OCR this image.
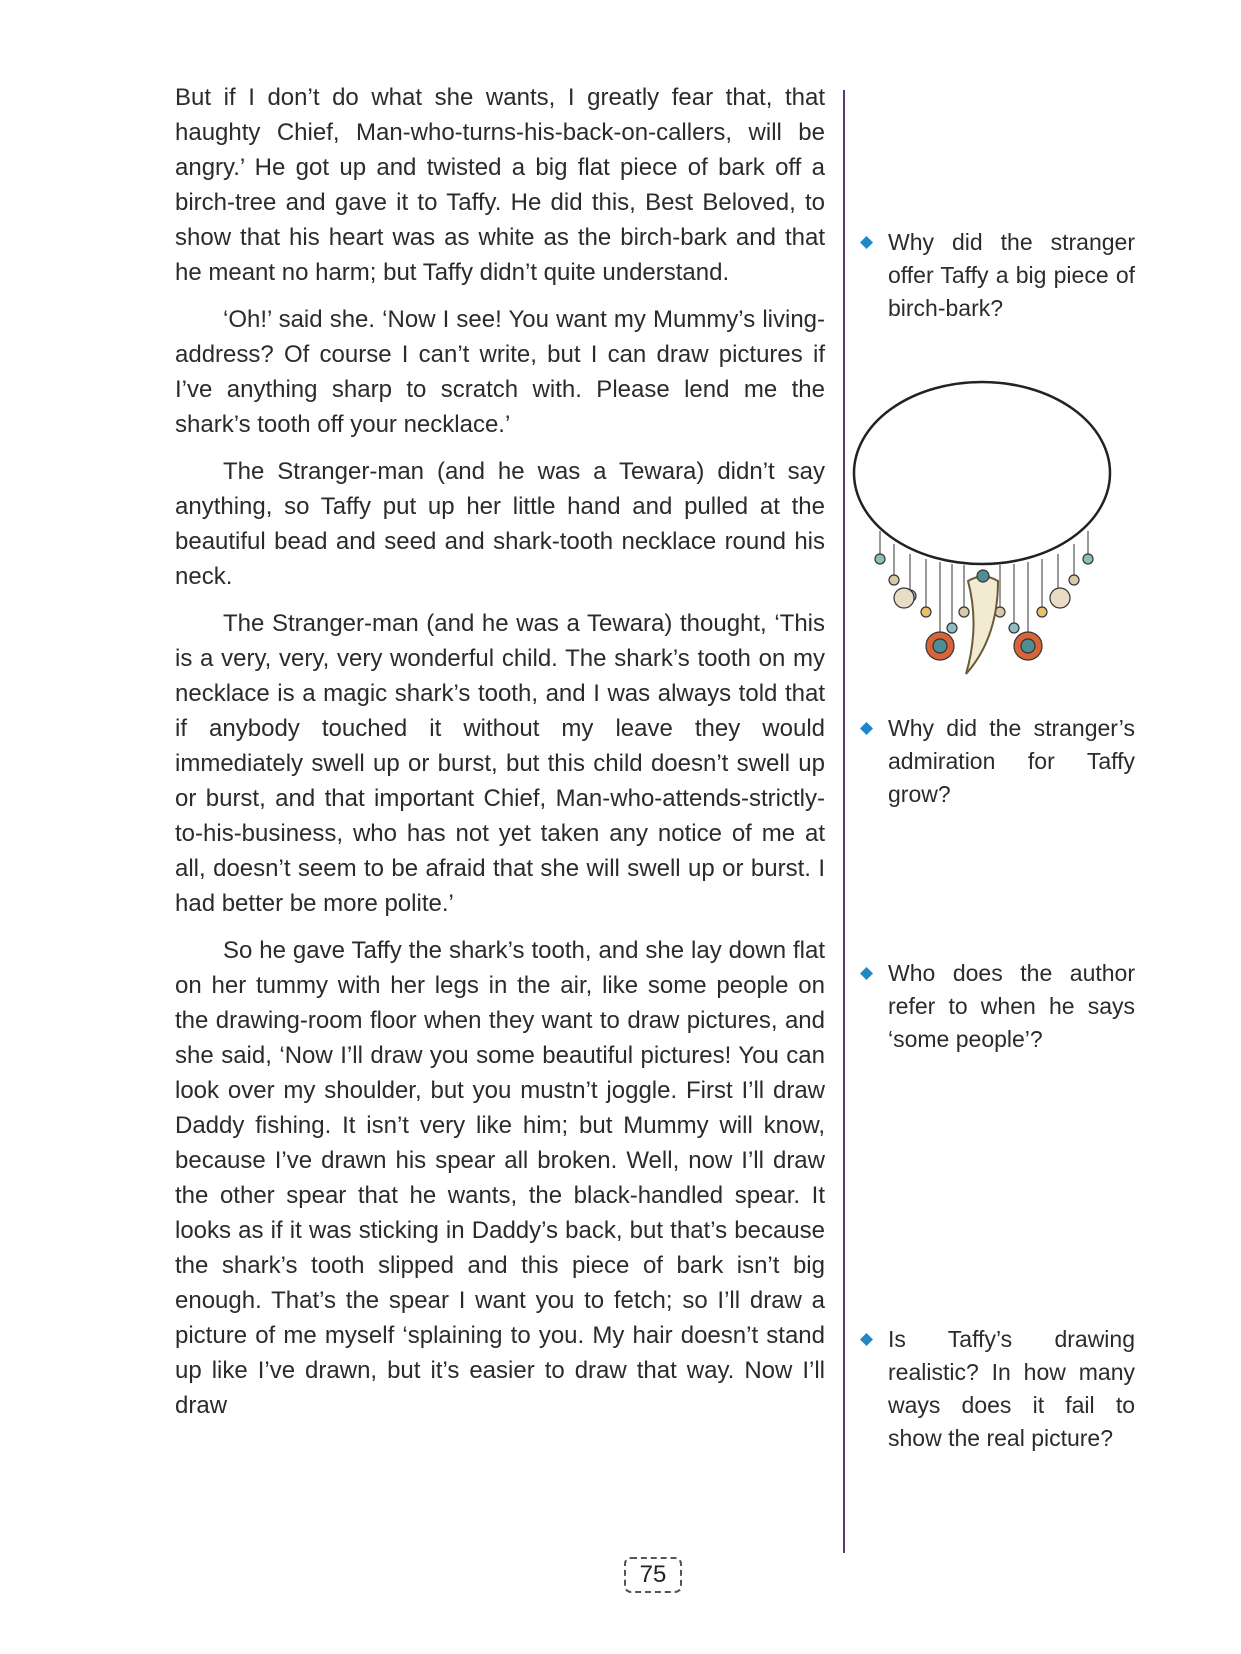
But if I don’t do what she wants, I greatly fear that, that haughty Chief, Man-who-turns-his-back-on-callers, will be angry.’ He got up and twisted a big flat piece of bark off a birch-tree and gave it to Taffy. He did this, Best Beloved, to show that his heart was as white as the birch-bark and that he meant no harm; but Taffy didn’t quite understand.

‘Oh!’ said she. ‘Now I see! You want my Mummy’s living-address? Of course I can’t write, but I can draw pictures if I’ve anything sharp to scratch with. Please lend me the shark’s tooth off your necklace.’

The Stranger-man (and he was a Tewara) didn’t say anything, so Taffy put up her little hand and pulled at the beautiful bead and seed and shark-tooth necklace round his neck.

The Stranger-man (and he was a Tewara) thought, ‘This is a very, very, very wonderful child. The shark’s tooth on my necklace is a magic shark’s tooth, and I was always told that if anybody touched it without my leave they would immediately swell up or burst, but this child doesn’t swell up or burst, and that important Chief, Man-who-attends-strictly-to-his-business, who has not yet taken any notice of me at all, doesn’t seem to be afraid that she will swell up or burst. I had better be more polite.’

So he gave Taffy the shark’s tooth, and she lay down flat on her tummy with her legs in the air, like some people on the drawing-room floor when they want to draw pictures, and she said, ‘Now I’ll draw you some beautiful pictures! You can look over my shoulder, but you mustn’t joggle. First I’ll draw Daddy fishing. It isn’t very like him; but Mummy will know, because I’ve drawn his spear all broken. Well, now I’ll draw the other spear that he wants, the black-handled spear. It looks as if it was sticking in Daddy’s back, but that’s because the shark’s tooth slipped and this piece of bark isn’t big enough. That’s the spear I want you to fetch; so I’ll draw a picture of me myself ‘splaining to you. My hair doesn’t stand up like I’ve drawn, but it’s easier to draw that way. Now I’ll draw

Why did the stranger offer Taffy a big piece of birch-bark?
Why did the stranger’s admiration for Taffy grow?
Who does the author refer to when he says ‘some people’?
Is Taffy’s drawing realistic? In how many ways does it fail to show the real picture?
75
